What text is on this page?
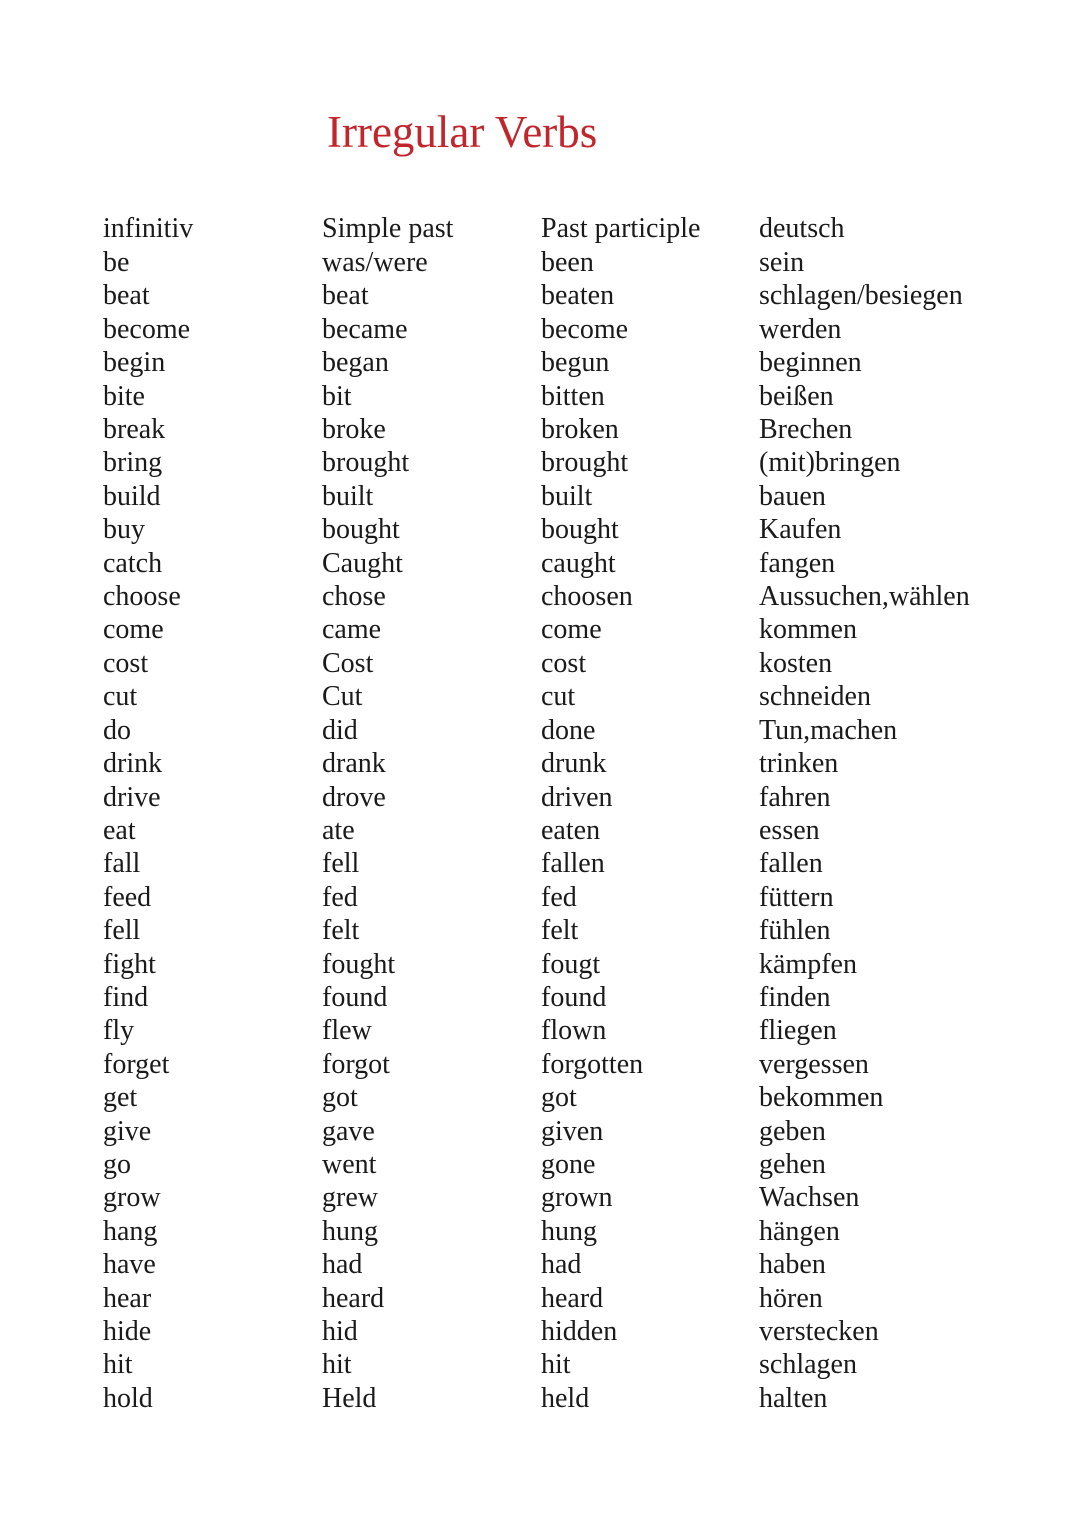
Irregular Verbs
infinitiv	Simple past	Past participle	deutsch
be	was/were	been	sein
beat	beat	beaten	schlagen/besiegen
become	became	become	werden
begin	began	begun	beginnen
bite	bit	bitten	beißen
break	broke	broken	Brechen
bring	brought	brought	(mit)bringen
build	built	built	bauen
buy	bought	bought	Kaufen
catch	Caught	caught	fangen
choose	chose	choosen	Aussuchen,wählen
come	came	come	kommen
cost	Cost	cost	kosten
cut	Cut	cut	schneiden
do	did	done	Tun,machen
drink	drank	drunk	trinken
drive	drove	driven	fahren
eat	ate	eaten	essen
fall	fell	fallen	fallen
feed	fed	fed	füttern
fell	felt	felt	fühlen
fight	fought	fougt	kämpfen
find	found	found	finden
fly	flew	flown	fliegen
forget	forgot	forgotten	vergessen
get	got	got	bekommen
give	gave	given	geben
go	went	gone	gehen
grow	grew	grown	Wachsen
hang	hung	hung	hängen
have	had	had	haben
hear	heard	heard	hören
hide	hid	hidden	verstecken
hit	hit	hit	schlagen
hold	Held	held	halten
